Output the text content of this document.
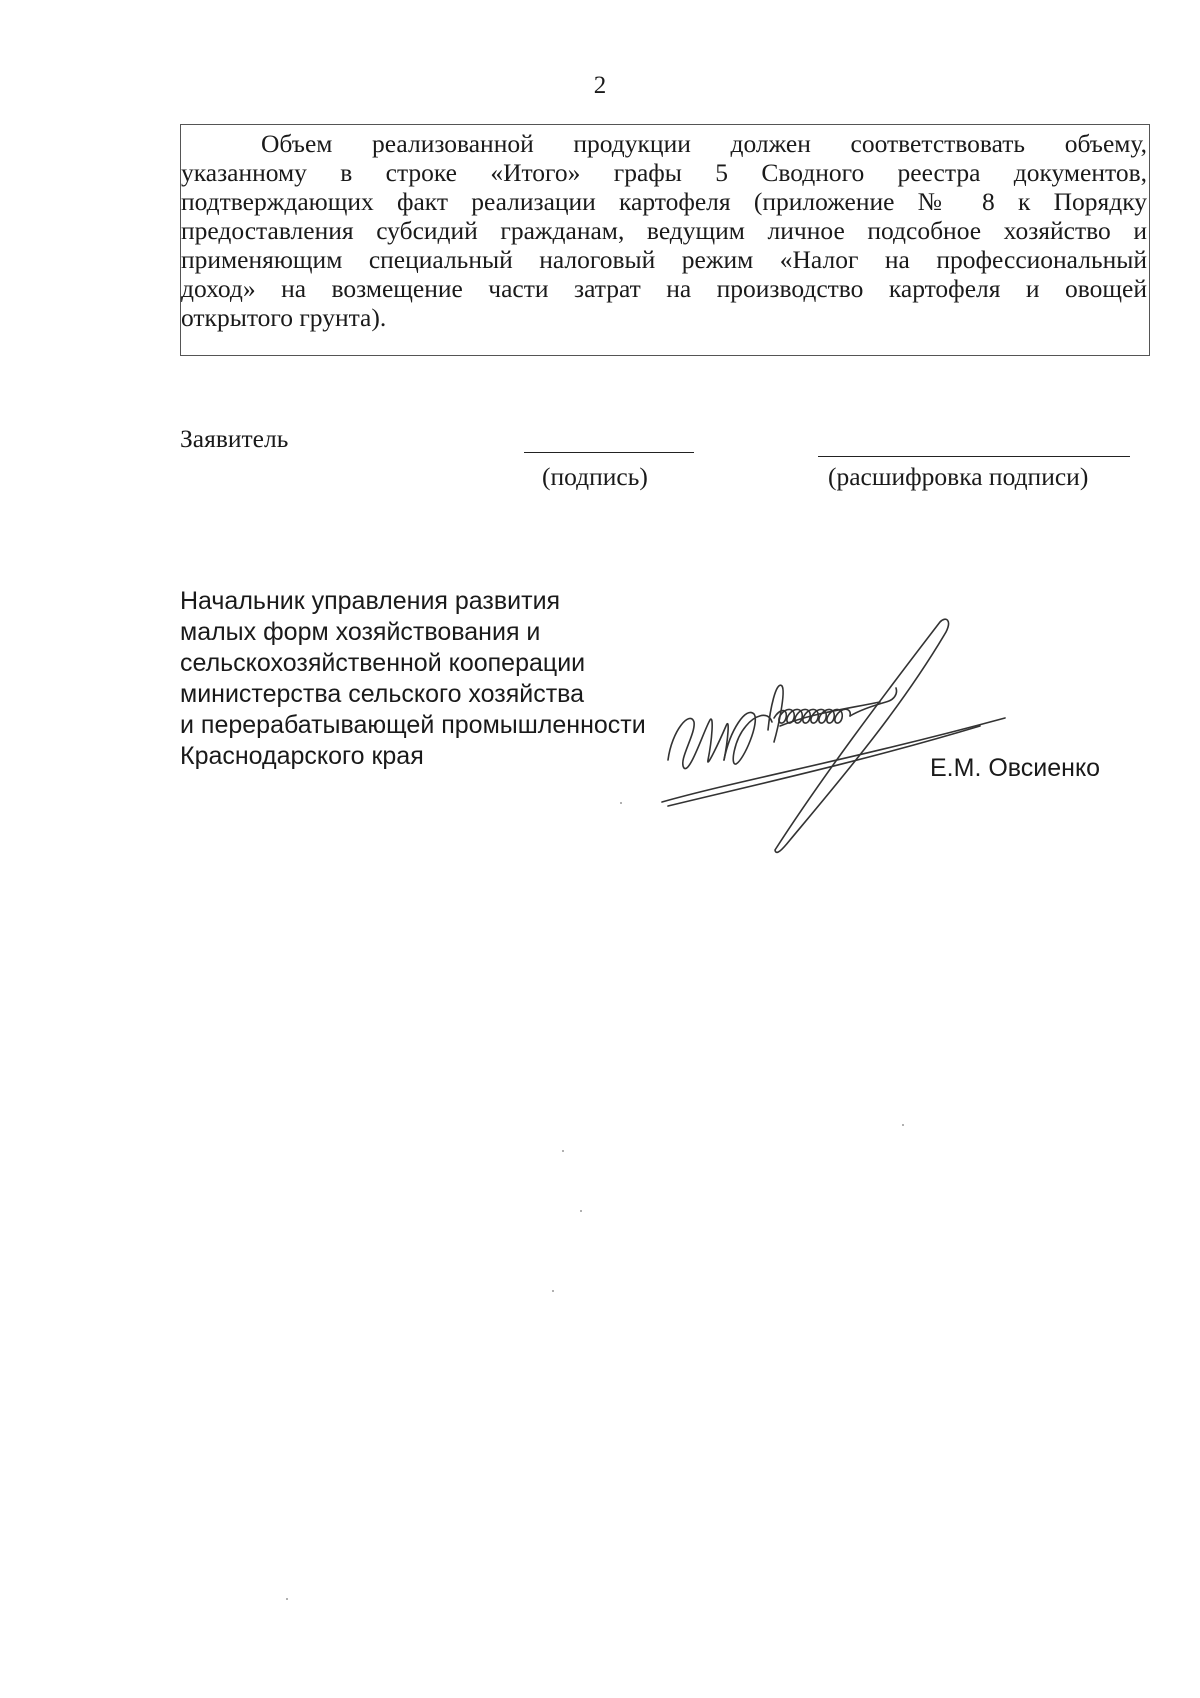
2
Объем реализованной продукции должен соответствовать объему,
указанному в строке «Итого» графы 5 Сводного реестра документов,
подтверждающих факт реализации картофеля (приложение № 8 к Порядку
предоставления субсидий гражданам, ведущим личное подсобное хозяйство и
применяющим специальный налоговый режим «Налог на профессиональный
доход» на возмещение части затрат на производство картофеля и овощей
открытого грунта).
Заявитель
(подпись)	(расшифровка подписи)
Начальник управления развития
малых форм хозяйствования и
сельскохозяйственной кооперации
министерства сельского хозяйства
и перерабатывающей промышленности
Краснодарского края	Е.М. Овсиенко
